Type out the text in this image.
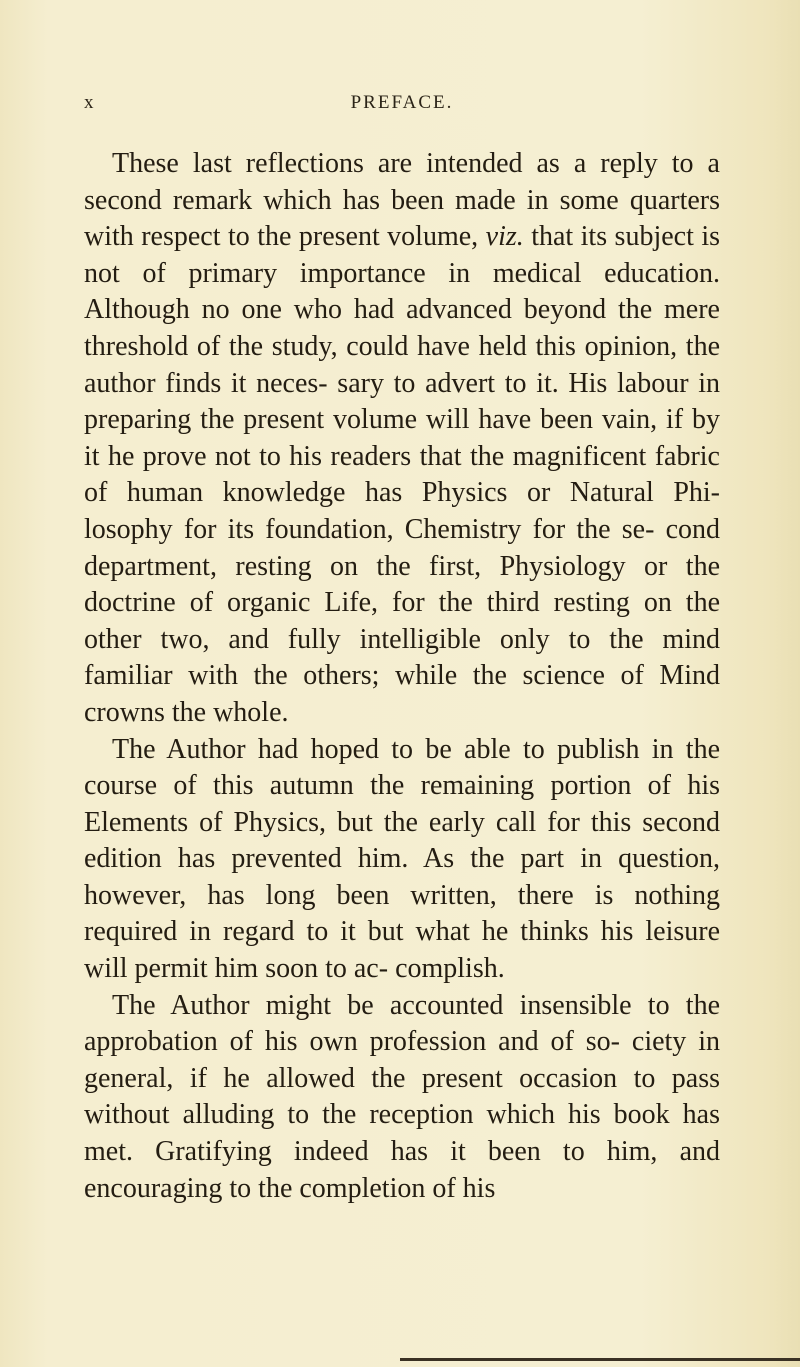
x	PREFACE.

These last reflections are intended as a reply to a second remark which has been made in some quarters with respect to the present volume, viz. that its subject is not of primary importance in medical education. Although no one who had advanced beyond the mere threshold of the study, could have held this opinion, the author finds it neces- sary to advert to it. His labour in preparing the present volume will have been vain, if by it he prove not to his readers that the magnificent fabric of human knowledge has Physics or Natural Phi- losophy for its foundation, Chemistry for the se- cond department, resting on the first, Physiology or the doctrine of organic Life, for the third resting on the other two, and fully intelligible only to the mind familiar with the others; while the science of Mind crowns the whole.

The Author had hoped to be able to publish in the course of this autumn the remaining portion of his Elements of Physics, but the early call for this second edition has prevented him. As the part in question, however, has long been written, there is nothing required in regard to it but what he thinks his leisure will permit him soon to ac- complish.

The Author might be accounted insensible to the approbation of his own profession and of so- ciety in general, if he allowed the present occasion to pass without alluding to the reception which his book has met. Gratifying indeed has it been to him, and encouraging to the completion of his
